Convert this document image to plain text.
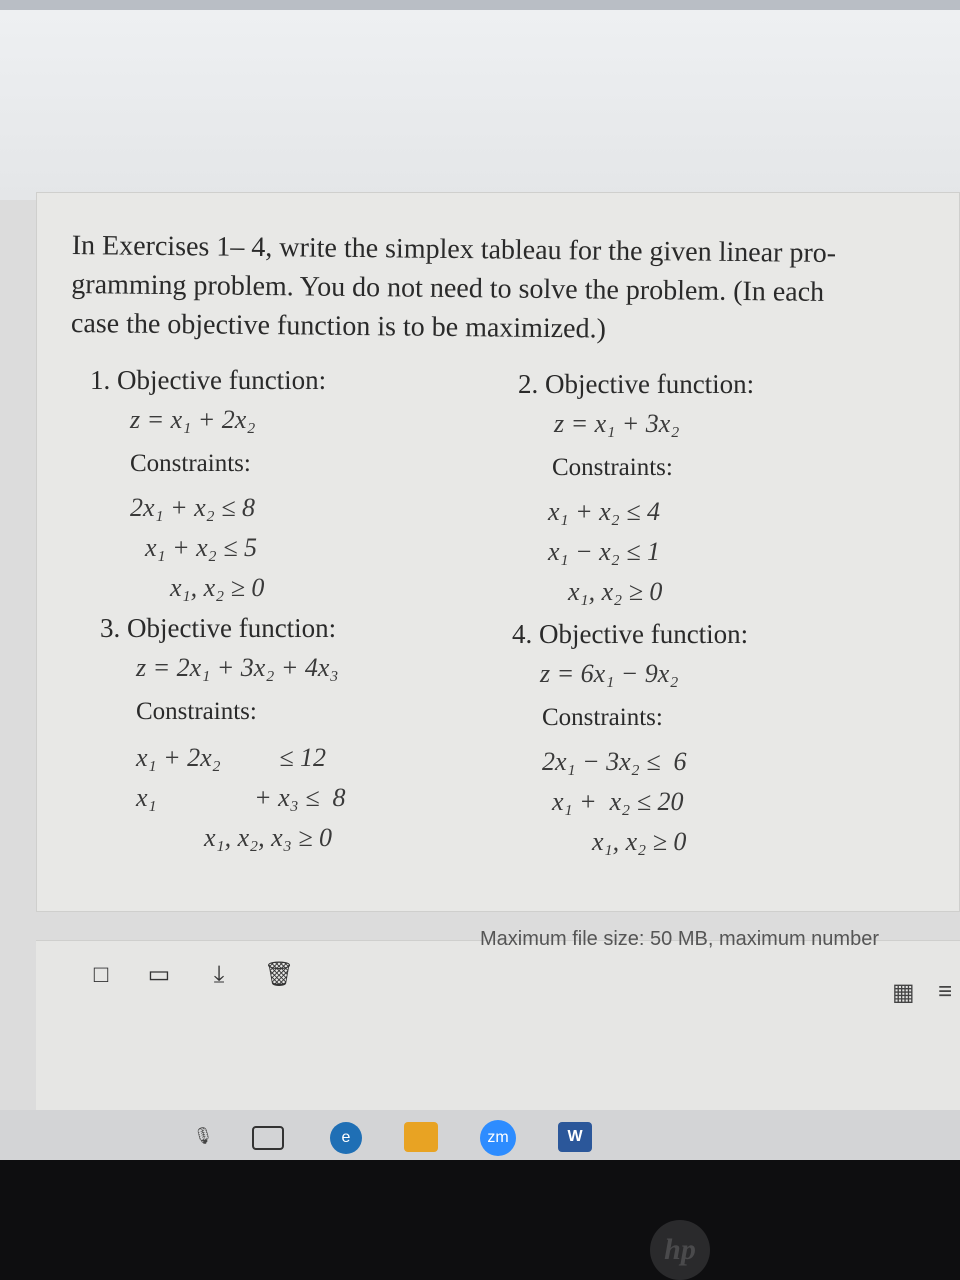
In Exercises 1– 4, write the simplex tableau for the given linear pro-
gramming problem. You do not need to solve the problem. (In each
case the objective function is to be maximized.)
1. Objective function:
z = x₁ + 2x₂
Constraints:
2x₁ + x₂ ≤ 8
x₁ + x₂ ≤ 5
x₁, x₂ ≥ 0
2. Objective function:
z = x₁ + 3x₂
Constraints:
x₁ + x₂ ≤ 4
x₁ − x₂ ≤ 1
x₁, x₂ ≥ 0
3. Objective function:
z = 2x₁ + 3x₂ + 4x₃
Constraints:
x₁ + 2x₂         ≤ 12
x₁               + x₃ ≤  8
x₁, x₂, x₃ ≥ 0
4. Objective function:
z = 6x₁ − 9x₂
Constraints:
2x₁ − 3x₂ ≤  6
x₁ +  x₂ ≤ 20
x₁, x₂ ≥ 0
Maximum file size: 50 MB, maximum number
□	▭	⤓	🗑
▦ ≡
🎙	e	zm	W
hp
